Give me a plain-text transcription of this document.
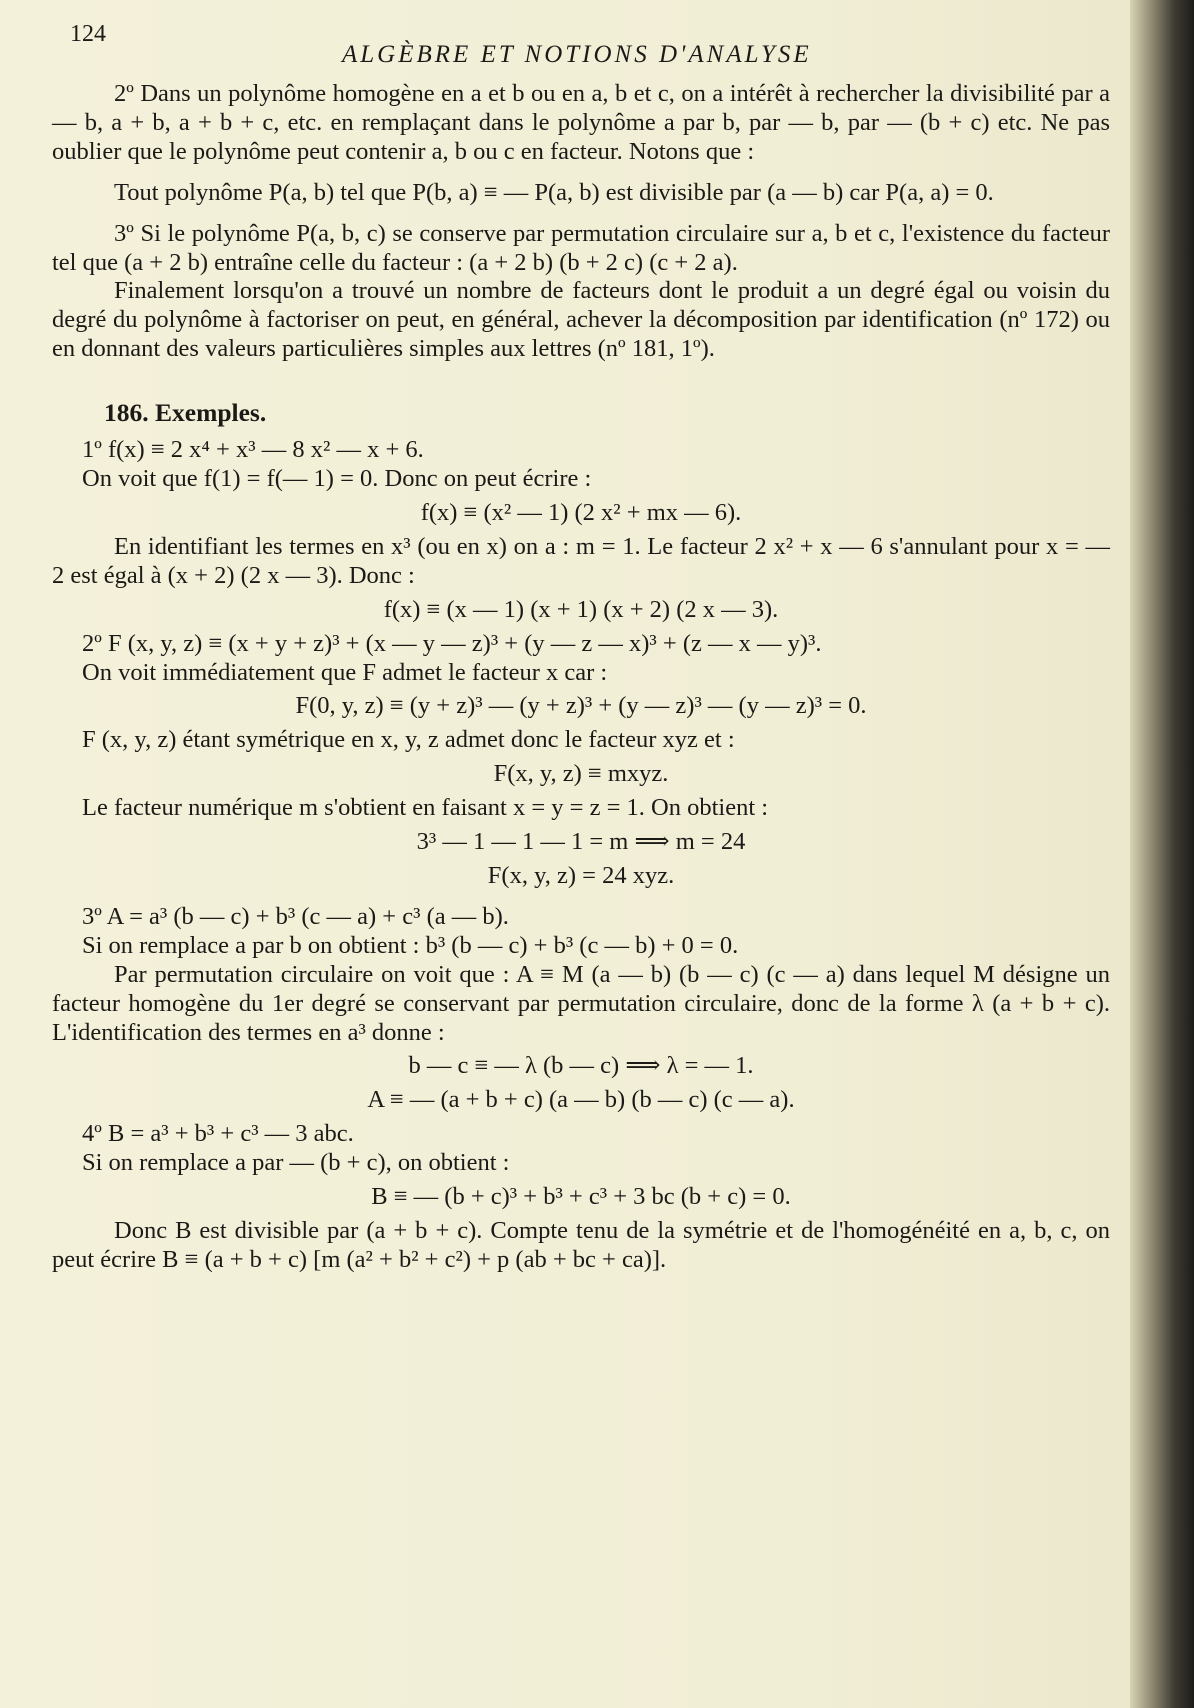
124
ALGÈBRE ET NOTIONS D'ANALYSE

2º Dans un polynôme homogène en a et b ou en a, b et c, on a intérêt à rechercher la divisibilité par a — b, a + b, a + b + c, etc. en remplaçant dans le polynôme a par b, par — b, par — (b + c) etc. Ne pas oublier que le polynôme peut contenir a, b ou c en facteur. Notons que :

Tout polynôme P(a, b) tel que P(b, a) ≡ — P(a, b) est divisible par (a — b) car P(a, a) = 0.

3º Si le polynôme P(a, b, c) se conserve par permutation circulaire sur a, b et c, l'existence du facteur tel que (a + 2 b) entraîne celle du facteur : (a + 2 b) (b + 2 c) (c + 2 a).

Finalement lorsqu'on a trouvé un nombre de facteurs dont le produit a un degré égal ou voisin du degré du polynôme à factoriser on peut, en général, achever la décomposition par identification (nº 172) ou en donnant des valeurs particulières simples aux lettres (nº 181, 1º).

186. Exemples.

1º f(x) ≡ 2 x⁴ + x³ — 8 x² — x + 6.

On voit que f(1) = f(— 1) = 0. Donc on peut écrire :

f(x) ≡ (x² — 1) (2 x² + mx — 6).

En identifiant les termes en x³ (ou en x) on a : m = 1. Le facteur 2 x² + x — 6 s'annulant pour x = — 2 est égal à (x + 2) (2 x — 3). Donc :

f(x) ≡ (x — 1) (x + 1) (x + 2) (2 x — 3).

2º F (x, y, z) ≡ (x + y + z)³ + (x — y — z)³ + (y — z — x)³ + (z — x — y)³.

On voit immédiatement que F admet le facteur x car :

F(0, y, z) ≡ (y + z)³ — (y + z)³ + (y — z)³ — (y — z)³ = 0.

F (x, y, z) étant symétrique en x, y, z admet donc le facteur xyz et :

F(x, y, z) ≡ mxyz.

Le facteur numérique m s'obtient en faisant x = y = z = 1. On obtient :

3³ — 1 — 1 — 1 = m ⟹ m = 24
F(x, y, z) = 24 xyz.

3º A = a³ (b — c) + b³ (c — a) + c³ (a — b).

Si on remplace a par b on obtient : b³ (b — c) + b³ (c — b) + 0 = 0.

Par permutation circulaire on voit que : A ≡ M (a — b) (b — c) (c — a) dans lequel M désigne un facteur homogène du 1er degré se conservant par permutation circulaire, donc de la forme λ (a + b + c). L'identification des termes en a³ donne :

b — c ≡ — λ (b — c) ⟹ λ = — 1.
A ≡ — (a + b + c) (a — b) (b — c) (c — a).

4º B = a³ + b³ + c³ — 3 abc.

Si on remplace a par — (b + c), on obtient :

B ≡ — (b + c)³ + b³ + c³ + 3 bc (b + c) = 0.

Donc B est divisible par (a + b + c). Compte tenu de la symétrie et de l'homogénéité en a, b, c, on peut écrire B ≡ (a + b + c) [m (a² + b² + c²) + p (ab + bc + ca)].
